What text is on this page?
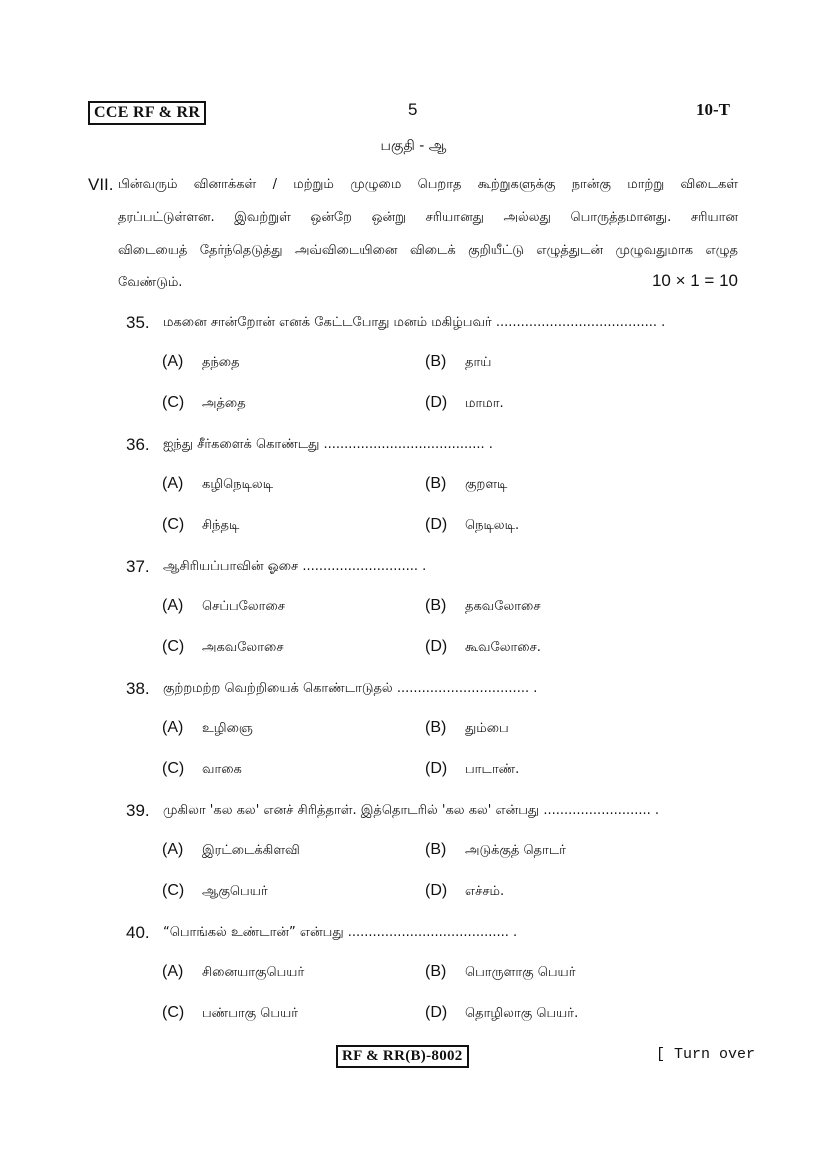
CCE RF & RR	5	10-T
பகுதி - ஆ
VII. பின்வரும் வினாக்கள் / மற்றும் முழுமை பெறாத கூற்றுகளுக்கு நான்கு மாற்று விடைகள்
தரப்பட்டுள்ளன. இவற்றுள் ஒன்றே ஒன்று சரியானது அல்லது பொருத்தமானது. சரியான
விடையைத் தேர்ந்தெடுத்து அவ்விடையினை விடைக் குறியீட்டு எழுத்துடன் முழுவதுமாக எழுத
வேண்டும்.	10 × 1 = 10
35. மகனை சான்றோன் எனக் கேட்டபோது மனம் மகிழ்பவர் ....................................... .
(A) தந்தை	(B) தாய்
(C) அத்தை	(D) மாமா.
36. ஐந்து சீர்களைக் கொண்டது ....................................... .
(A) கழிநெடிலடி	(B) குறளடி
(C) சிந்தடி	(D) நெடிலடி.
37. ஆசிரியப்பாவின் ஓசை ............................ .
(A) செப்பலோசை	(B) தகவலோசை
(C) அகவலோசை	(D) கூவலோசை.
38. குற்றமற்ற வெற்றியைக் கொண்டாடுதல் ................................ .
(A) உழிஞை	(B) தும்பை
(C) வாகை	(D) பாடாண்.
39. முகிலா 'கல கல' எனச் சிரித்தாள். இத்தொடரில் 'கல கல' என்பது .......................... .
(A) இரட்டைக்கிளவி	(B) அடுக்குத் தொடர்
(C) ஆகுபெயர்	(D) எச்சம்.
40. “பொங்கல் உண்டான்” என்பது ....................................... .
(A) சினையாகுபெயர்	(B) பொருளாகு பெயர்
(C) பண்பாகு பெயர்	(D) தொழிலாகு பெயர்.
RF & RR(B)-8002	[ Turn over
